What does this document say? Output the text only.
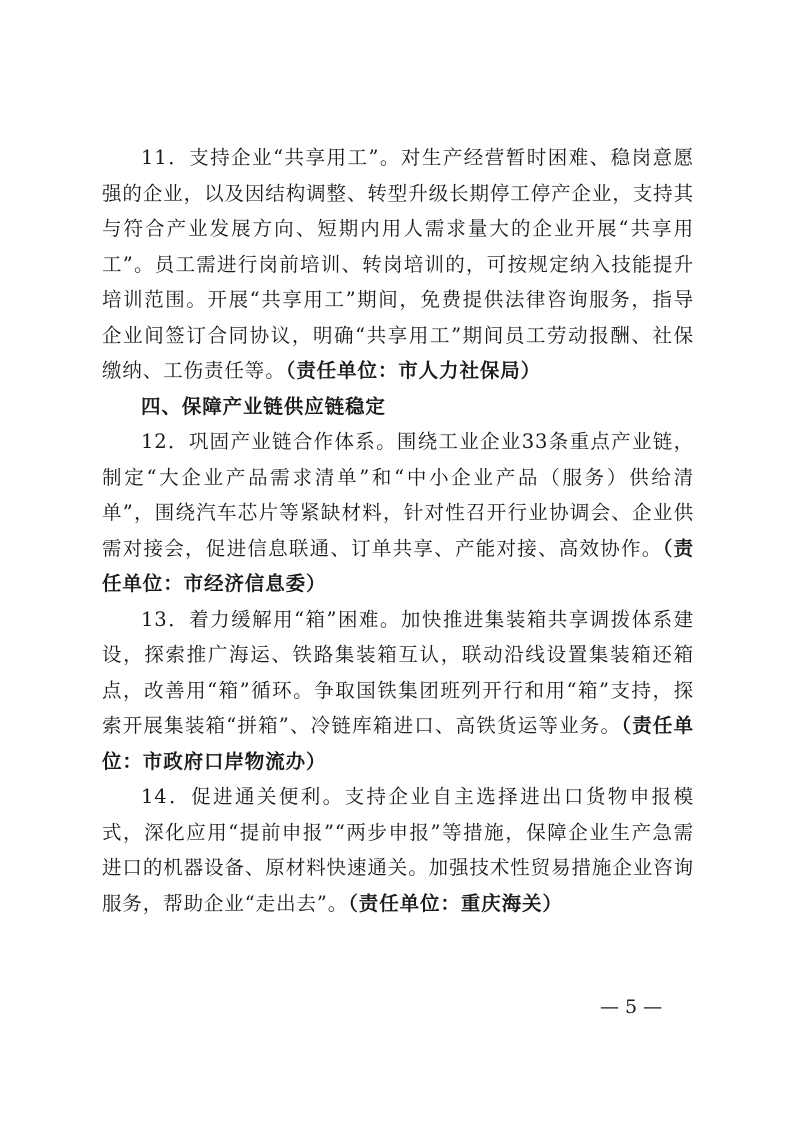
11．支持企业“共享用工”。对生产经营暂时困难、稳岗意愿强的企业，以及因结构调整、转型升级长期停工停产企业，支持其与符合产业发展方向、短期内用人需求量大的企业开展“共享用工”。员工需进行岗前培训、转岗培训的，可按规定纳入技能提升培训范围。开展“共享用工”期间，免费提供法律咨询服务，指导企业间签订合同协议，明确“共享用工”期间员工劳动报酬、社保缴纳、工伤责任等。（责任单位：市人力社保局）

四、保障产业链供应链稳定

12．巩固产业链合作体系。围绕工业企业33条重点产业链，制定“大企业产品需求清单”和“中小企业产品（服务）供给清单”，围绕汽车芯片等紧缺材料，针对性召开行业协调会、企业供需对接会，促进信息联通、订单共享、产能对接、高效协作。（责任单位：市经济信息委）

13．着力缓解用“箱”困难。加快推进集装箱共享调拨体系建设，探索推广海运、铁路集装箱互认，联动沿线设置集装箱还箱点，改善用“箱”循环。争取国铁集团班列开行和用“箱”支持，探索开展集装箱“拼箱”、冷链库箱进口、高铁货运等业务。（责任单位：市政府口岸物流办）

14．促进通关便利。支持企业自主选择进出口货物申报模式，深化应用“提前申报”“两步申报”等措施，保障企业生产急需进口的机器设备、原材料快速通关。加强技术性贸易措施企业咨询服务，帮助企业“走出去”。（责任单位：重庆海关）

— 5 —
